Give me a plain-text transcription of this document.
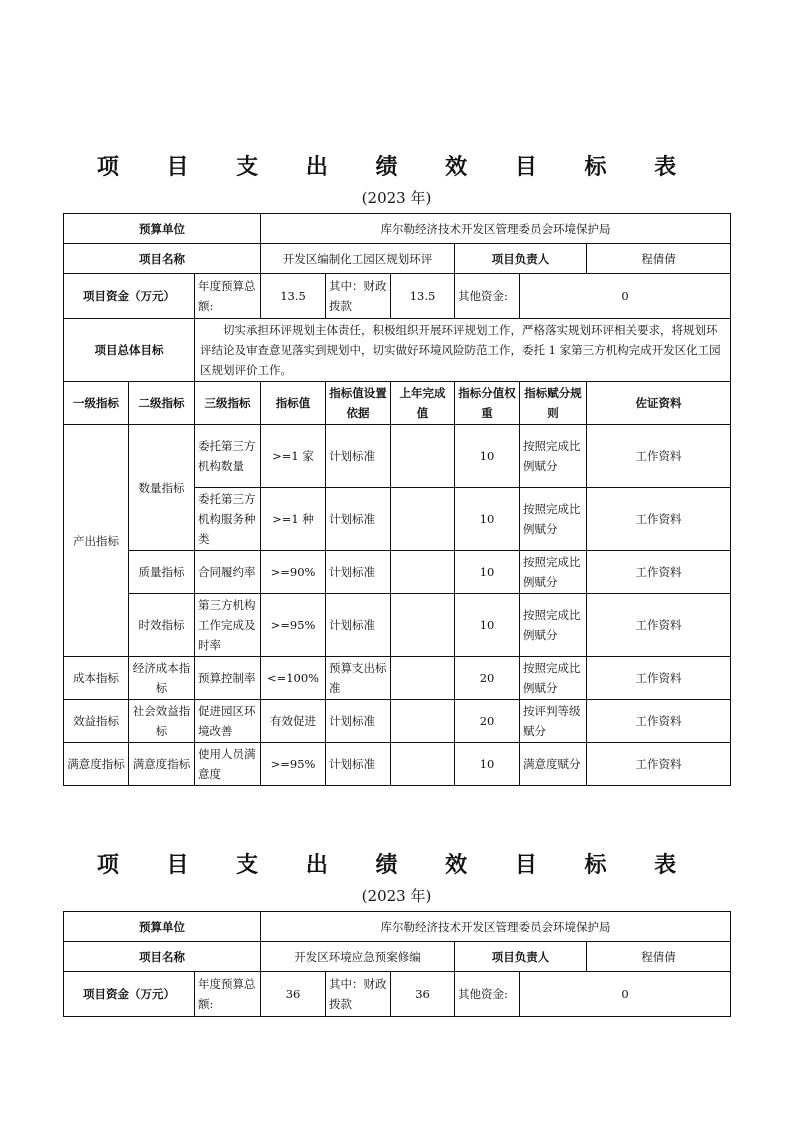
项 目 支 出 绩 效 目 标 表
(2023 年)
预算单位			库尔勒经济技术开发区管理委员会环境保护局					
项目名称			开发区编制化工园区规划环评			项目负责人		程倩倩
项目资金（万元）		年度预算总额:	13.5	其中：财政拨款	13.5	其他资金:	0	
项目总体目标		切实承担环评规划主体责任，积极组织开展环评规划工作，严格落实规划环评相关要求，将规划环评结论及审查意见落实到规划中，切实做好环境风险防范工作，委托 1 家第三方机构完成开发区化工园区规划评价工作。						
一级指标	二级指标	三级指标	指标值	指标值设置依据	上年完成值	指标分值权重	指标赋分规则	佐证资料
产出指标	数量指标	委托第三方机构数量	>=1 家	计划标准		10	按照完成比例赋分	工作资料
		委托第三方机构服务种类	>=1 种	计划标准		10	按照完成比例赋分	工作资料
	质量指标	合同履约率	>=90%	计划标准		10	按照完成比例赋分	工作资料
	时效指标	第三方机构工作完成及时率	>=95%	计划标准		10	按照完成比例赋分	工作资料
成本指标	经济成本指标	预算控制率	<=100%	预算支出标准		20	按照完成比例赋分	工作资料
效益指标	社会效益指标	促进园区环境改善	有效促进	计划标准		20	按评判等级赋分	工作资料
满意度指标	满意度指标	使用人员满意度	>=95%	计划标准		10	满意度赋分	工作资料
项 目 支 出 绩 效 目 标 表
(2023 年)
预算单位		库尔勒经济技术开发区管理委员会环境保护局					
项目名称		开发区环境应急预案修编			项目负责人		程倩倩
项目资金（万元）	年度预算总额:	36	其中：财政拨款	36	其他资金:	0	
